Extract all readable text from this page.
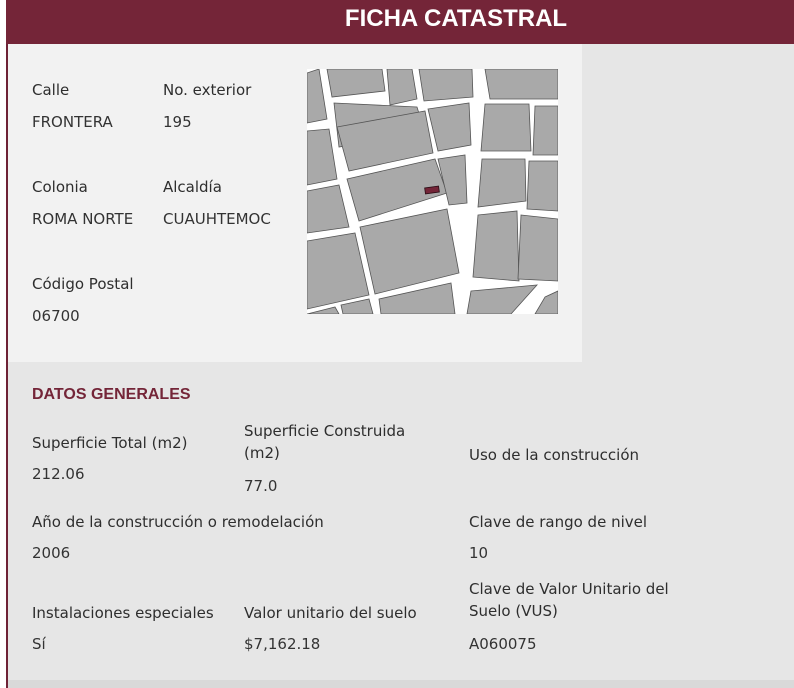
FICHA CATASTRAL
Calle
FRONTERA
No. exterior
195
Colonia
ROMA NORTE
Alcaldía
CUAUHTEMOC
Código Postal
06700
DATOS GENERALES
Superficie Total (m2)
212.06
Superficie Construida (m2)
77.0
Uso de la construcción
Año de la construcción o remodelación
2006
Clave de rango de nivel
10
Instalaciones especiales
Sí
Valor unitario del suelo
$7,162.18
Clave de Valor Unitario del Suelo (VUS)
A060075
